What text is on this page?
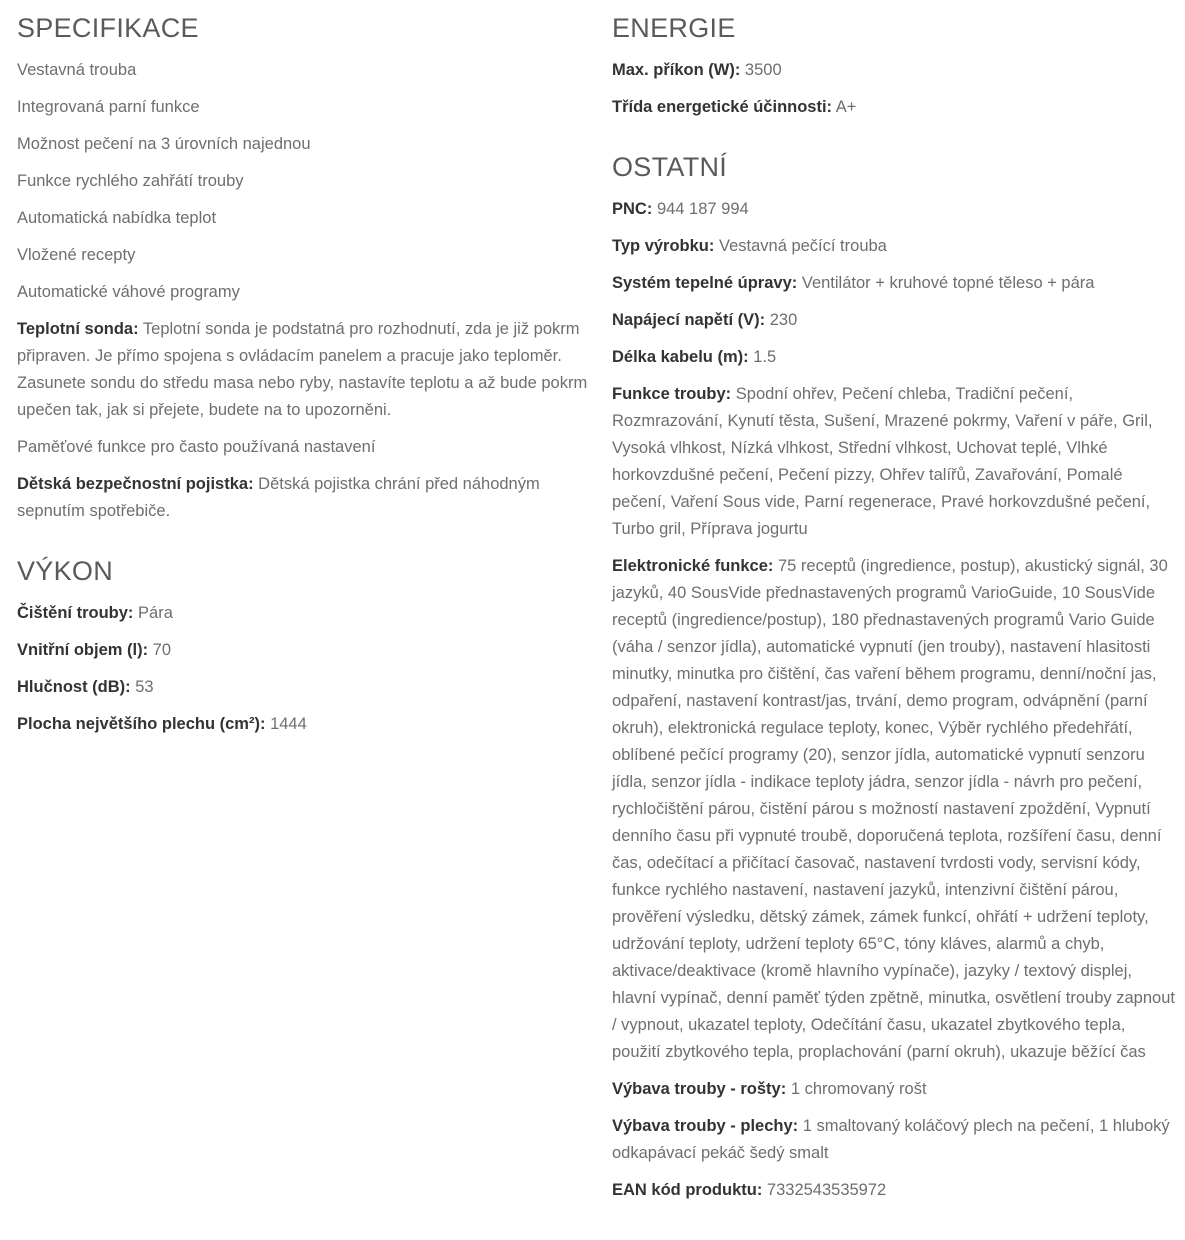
SPECIFIKACE
Vestavná trouba
Integrovaná parní funkce
Možnost pečení na 3 úrovních najednou
Funkce rychlého zahřátí trouby
Automatická nabídka teplot
Vložené recepty
Automatické váhové programy
Teplotní sonda: Teplotní sonda je podstatná pro rozhodnutí, zda je již pokrm připraven. Je přímo spojena s ovládacím panelem a pracuje jako teploměr. Zasunete sondu do středu masa nebo ryby, nastavíte teplotu a až bude pokrm upečen tak, jak si přejete, budete na to upozorněni.
Paměťové funkce pro často používaná nastavení
Dětská bezpečnostní pojistka: Dětská pojistka chrání před náhodným sepnutím spotřebiče.
VÝKON
Čištění trouby: Pára
Vnitřní objem (l): 70
Hlučnost (dB): 53
Plocha největšího plechu (cm²): 1444
ENERGIE
Max. příkon (W): 3500
Třída energetické účinnosti: A+
OSTATNÍ
PNC: 944 187 994
Typ výrobku: Vestavná pečící trouba
Systém tepelné úpravy: Ventilátor + kruhové topné těleso + pára
Napájecí napětí (V): 230
Délka kabelu (m): 1.5
Funkce trouby: Spodní ohřev, Pečení chleba, Tradiční pečení, Rozmrazování, Kynutí těsta, Sušení, Mrazené pokrmy, Vaření v páře, Gril, Vysoká vlhkost, Nízká vlhkost, Střední vlhkost, Uchovat teplé, Vlhké horkovzdušné pečení, Pečení pizzy, Ohřev talířů, Zavařování, Pomalé pečení, Vaření Sous vide, Parní regenerace, Pravé horkovzdušné pečení, Turbo gril, Příprava jogurtu
Elektronické funkce: 75 receptů (ingredience, postup), akustický signál, 30 jazyků, 40 SousVide přednastavených programů VarioGuide, 10 SousVide receptů (ingredience/postup), 180 přednastavených programů Vario Guide (váha / senzor jídla), automatické vypnutí (jen trouby), nastavení hlasitosti minutky, minutka pro čištění, čas vaření během programu, denní/noční jas, odpaření, nastavení kontrast/jas, trvání, demo program, odvápnění (parní okruh), elektronická regulace teploty, konec, Výběr rychlého předehřátí, oblíbené pečící programy (20), senzor jídla, automatické vypnutí senzoru jídla, senzor jídla - indikace teploty jádra, senzor jídla - návrh pro pečení, rychločištění párou, čistění párou s možností nastavení zpoždění, Vypnutí denního času při vypnuté troubě, doporučená teplota, rozšíření času, denní čas, odečítací a přičítací časovač, nastavení tvrdosti vody, servisní kódy, funkce rychlého nastavení, nastavení jazyků, intenzivní čištění párou, prověření výsledku, dětský zámek, zámek funkcí, ohřátí + udržení teploty, udržování teploty, udržení teploty 65°C, tóny kláves, alarmů a chyb, aktivace/deaktivace (kromě hlavního vypínače), jazyky / textový displej, hlavní vypínač, denní paměť týden zpětně, minutka, osvětlení trouby zapnout / vypnout, ukazatel teploty, Odečítání času, ukazatel zbytkového tepla, použití zbytkového tepla, proplachování (parní okruh), ukazuje běžící čas
Výbava trouby - rošty: 1 chromovaný rošt
Výbava trouby - plechy: 1 smaltovaný koláčový plech na pečení, 1 hluboký odkapávací pekáč šedý smalt
EAN kód produktu: 7332543535972
